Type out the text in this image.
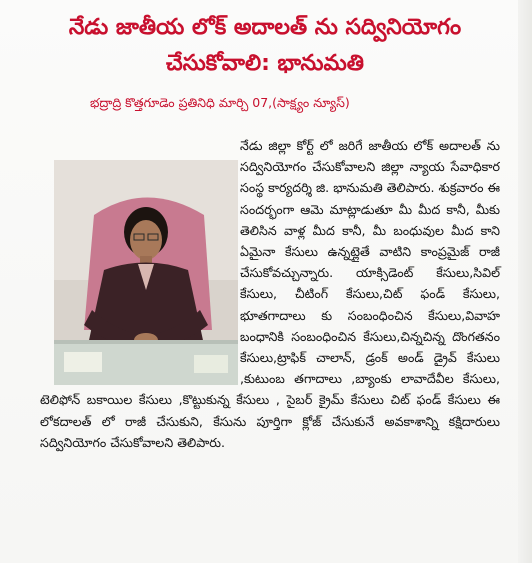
నేడు జాతీయ లోక్ అదాలత్ ను సద్వినియోగం
చేసుకోవాలి: భానుమతి
భద్రాద్రి కొత్తగూడెం ప్రతినిధి మార్చి 07,(సాక్ష్యం న్యూస్)
నేడు జిల్లా కోర్ట్ లో జరిగే జాతీయ లోక్ అదాలత్ ను సద్వినియోగం చేసుకోవాలని జిల్లా న్యాయ సేవాధికార సంస్థ కార్యదర్శి జి. భానుమతి తెలిపారు. శుక్రవారం ఈ సందర్భంగా ఆమె మాట్లాడుతూ మీ మీద కానీ, మీకు తెలిసిన వాళ్ల మీద కానీ, మీ బంధువుల మీద కాని ఏమైనా కేసులు ఉన్నట్లైతే వాటిని కాంప్రమైజ్ రాజీ చేసుకోవచ్చున్నారు. యాక్సిడెంట్ కేసులు,సివిల్ కేసులు, చీటింగ్ కేసులు,చిట్ ఫండ్ కేసులు, భూతగాదాలు కు సంబంధించిన కేసులు,వివాహ బంధానికి సంబంధించిన కేసులు,చిన్నచిన్న దొంగతనం కేసులు,ట్రాఫిక్ చాలాన్, డ్రంక్ అండ్ డ్రైవ్ కేసులు ,కుటుంబ తగాదాలు ,బ్యాంకు లావాదేవీల కేసులు, టెలిఫోన్ బకాయిల కేసులు ,కొట్టుకున్న కేసులు , సైబర్ క్రైమ్ కేసులు చిట్ ఫండ్ కేసులు ఈ లోకదాలత్ లో రాజీ చేసుకుని, కేసును పూర్తిగా క్లోజ్ చేసుకునే అవకాశాన్ని కక్షిదారులు సద్వినియోగం చేసుకోవాలని తెలిపారు.
